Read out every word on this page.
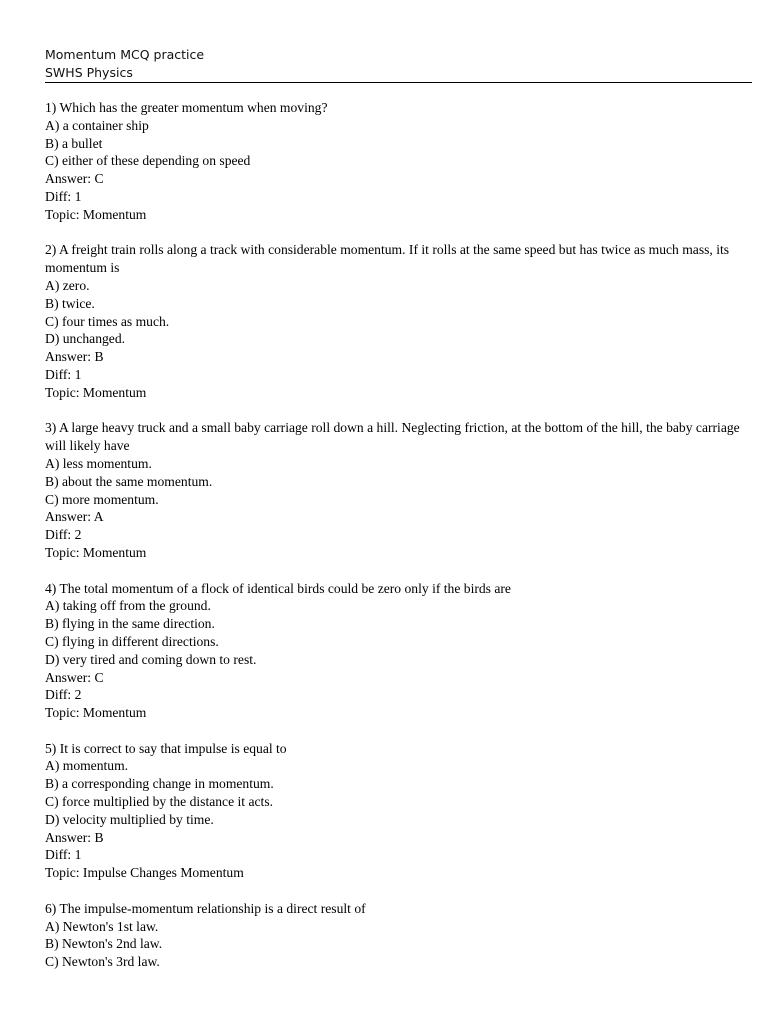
Momentum MCQ practice
SWHS Physics
1) Which has the greater momentum when moving?
A) a container ship
B) a bullet
C) either of these depending on speed
Answer: C
Diff: 1
Topic: Momentum
2) A freight train rolls along a track with considerable momentum. If it rolls at the same speed but has twice as much mass, its momentum is
A) zero.
B) twice.
C) four times as much.
D) unchanged.
Answer: B
Diff: 1
Topic: Momentum
3) A large heavy truck and a small baby carriage roll down a hill. Neglecting friction, at the bottom of the hill, the baby carriage will likely have
A) less momentum.
B) about the same momentum.
C) more momentum.
Answer: A
Diff: 2
Topic: Momentum
4) The total momentum of a flock of identical birds could be zero only if the birds are
A) taking off from the ground.
B) flying in the same direction.
C) flying in different directions.
D) very tired and coming down to rest.
Answer: C
Diff: 2
Topic: Momentum
5) It is correct to say that impulse is equal to
A) momentum.
B) a corresponding change in momentum.
C) force multiplied by the distance it acts.
D) velocity multiplied by time.
Answer: B
Diff: 1
Topic: Impulse Changes Momentum
6) The impulse-momentum relationship is a direct result of
A) Newton's 1st law.
B) Newton's 2nd law.
C) Newton's 3rd law.
